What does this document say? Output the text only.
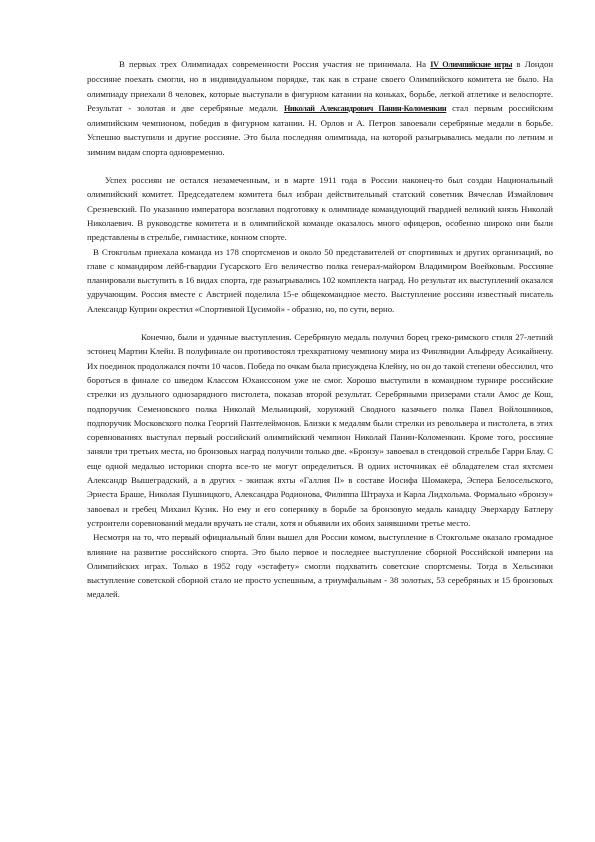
В первых трех Олимпиадах современности Россия участия не принимала. На IV Олимпийские игры в Лондон россияне поехать смогли, но в индивидуальном порядке, так как в стране своего Олимпийского комитета не было. На олимпиаду приехали 8 человек, которые выступали в фигурном катании на коньках, борьбе, легкой атлетике и велоспорте. Результат - золотая и две серебряные медали. Николай Александрович Панин-Коломенкин стал первым российским олимпийским чемпионом, победив в фигурном катании. Н. Орлов и А. Петров завоевали серебряные медали в борьбе. Успешно выступили и другие россияне. Это была последняя олимпиада, на которой разыгрывались медали по летним и зимним видам спорта одновременно.

Успех россиян не остался незамеченным, и в марте 1911 года в России наконец-то был создан Национальный олимпийский комитет. Председателем комитета был избран действительный статский советник Вячеслав Измайлович Срезневский. По указанию императора возглавил подготовку к олимпиаде командующий гвардией великий князь Николай Николаевич. В руководстве комитета и в олимпийской команде оказалось много офицеров, особенно широко они были представлены в стрельбе, гимнастике, конном спорте.

В Стокгольм приехала команда из 178 спортсменов и около 50 представителей от спортивных и других организаций, во главе с командиром лейб-гвардии Гусарского Его величество полка генерал-майором Владимиром Воейковым. Россияне планировали выступить в 16 видах спорта, где разыгрывались 102 комплекта наград. Но результат их выступлений оказался удручающим. Россия вместе с Австрией поделила 15-е общекомандное место. Выступление россиян известный писатель Александр Куприн окрестил «Спортивной Цусимой» - образно, но, по сути, верно.

Конечно, были и удачные выступления. Серебряную медаль получил борец греко-римского стиля 27-летний эстонец Мартин Клейн. В полуфинале он противостоял трехкратному чемпиону мира из Финляндии Альфреду Асикайнену. Их поединок продолжался почти 10 часов. Победа по очкам была присуждена Клейну, но он до такой степени обессилил, что бороться в финале со шведом Классом Юханссоном уже не смог. Хорошо выступили в командном турнире российские стрелки из дуэльного однозарядного пистолета, показав второй результат. Серебряными призерами стали Амос де Кош, подпоручик Семеновского полка Николай Мельницкий, хорунжий Сводного казачьего полка Павел Войлошников, подпоручик Московского полка Георгий Пантелеймонов. Близки к медалям были стрелки из револьвера и пистолета, в этих соревнованиях выступал первый российский олимпийский чемпион Николай Панин-Коломенкин. Кроме того, россияне заняли три третьих места, но бронзовых наград получили только две. «Бронзу» завоевал в стендовой стрельбе Гарри Блау. С еще одной медалью историки спорта все-то не могут определиться. В одних источниках её обладателем стал яхтсмен Александр Вышеградский, а в других - экипаж яхты «Галлия II» в составе Иосифа Шомакера, Эспера Белосельского, Эрнеста Браше, Николая Пушницкого, Александра Родионова, Филиппа Штрауха и Карла Лидхольма. Формально «бронзу» завоевал и гребец Михаил Кузик. Но ему и его сопернику в борьбе за бронзовую медаль канадцу Эверхарду Батлеру устроители соревнований медали вручать не стали, хотя и объявили их обоих занявшими третье место.

Несмотря на то, что первый официальный блин вышел для России комом, выступление в Стокгольме оказало громадное влияние на развитие российского спорта. Это было первое и последнее выступление сборной Российской империи на Олимпийских играх. Только в 1952 году «эстафету» смогли подхватить советские спортсмены. Тогда в Хельсинки выступление советской сборной стало не просто успешным, а триумфальным - 38 золотых, 53 серебряных и 15 бронзовых медалей.
